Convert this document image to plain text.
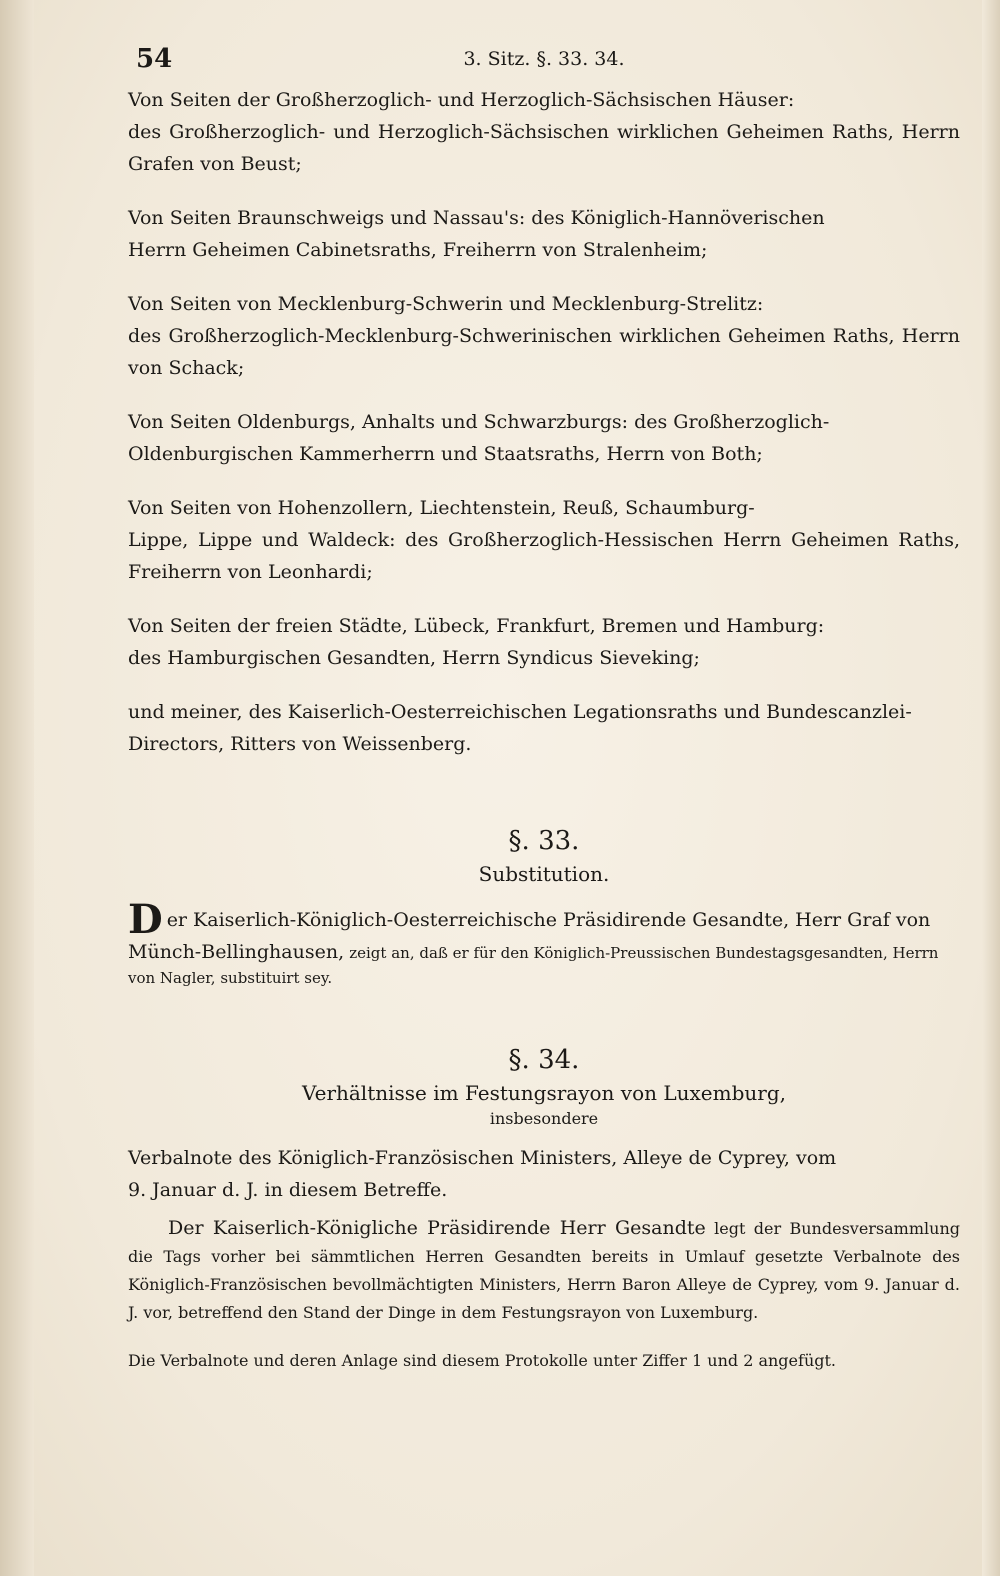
54	3. Sitz. §. 33. 34.

Von Seiten der Großherzoglich- und Herzoglich-Sächsischen Häuser:
des Großherzoglich- und Herzoglich-Sächsischen wirklichen Geheimen Raths, Herrn Grafen von Beust;

Von Seiten Braunschweigs und Nassau's: des Königlich-Hannöverischen
Herrn Geheimen Cabinetsraths, Freiherrn von Stralenheim;

Von Seiten von Mecklenburg-Schwerin und Mecklenburg-Strelitz:
des Großherzoglich-Mecklenburg-Schwerinischen wirklichen Geheimen Raths, Herrn von Schack;

Von Seiten Oldenburgs, Anhalts und Schwarzburgs: des Großherzoglich-
Oldenburgischen Kammerherrn und Staatsraths, Herrn von Both;

Von Seiten von Hohenzollern, Liechtenstein, Reuß, Schaumburg-
Lippe, Lippe und Waldeck: des Großherzoglich-Hessischen Herrn Geheimen Raths, Freiherrn von Leonhardi;

Von Seiten der freien Städte, Lübeck, Frankfurt, Bremen und Hamburg:
des Hamburgischen Gesandten, Herrn Syndicus Sieveking;

und meiner, des Kaiserlich-Oesterreichischen Legationsraths und Bundescanzlei-
Directors, Ritters von Weissenberg.

§. 33.
Substitution.
D er Kaiserlich-Königlich-Oesterreichische Präsidirende Gesandte, Herr Graf von Münch-Bellinghausen, zeigt an, daß er für den Königlich-Preussischen Bundestagsgesandten, Herrn von Nagler, substituirt sey.
§. 34.
Verhältnisse im Festungsrayon von Luxemburg,
insbesondere

Verbalnote des Königlich-Französischen Ministers, Alleye de Cyprey, vom
9. Januar d. J. in diesem Betreffe.

Der Kaiserlich-Königliche Präsidirende Herr Gesandte legt der Bundesversammlung die Tags vorher bei sämmtlichen Herren Gesandten bereits in Umlauf gesetzte Verbalnote des Königlich-Französischen bevollmächtigten Ministers, Herrn Baron Alleye de Cyprey, vom 9. Januar d. J. vor, betreffend den Stand der Dinge in dem Festungsrayon von Luxemburg.

Die Verbalnote und deren Anlage sind diesem Protokolle unter Ziffer 1 und 2 angefügt.
